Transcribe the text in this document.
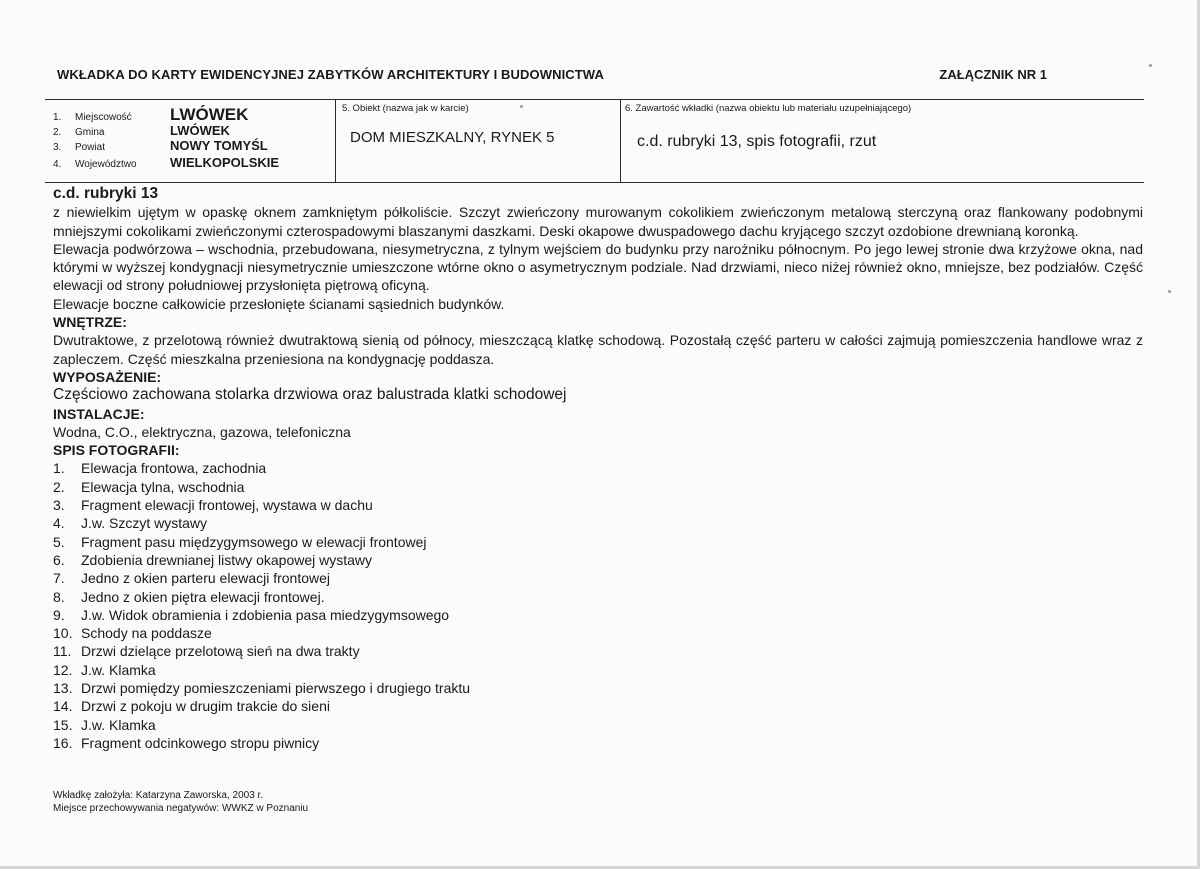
WKŁADKA DO KARTY EWIDENCYJNEJ ZABYTKÓW ARCHITEKTURY I BUDOWNICTWA	ZAŁĄCZNIK NR 1
1. Miejscowość LWÓWEK
2. Gmina	LWÓWEK
3. Powiat	NOWY TOMYŚL
4. Województwo	WIELKOPOLSKIE
5. Obiekt (nazwa jak w karcie)
DOM MIESZKALNY, RYNEK 5
6. Zawartość wkładki (nazwa obiektu lub materiału uzupełniającego)
c.d. rubryki 13, spis fotografii, rzut

c.d. rubryki 13

z niewielkim ujętym w opaskę oknem zamkniętym półkoliście. Szczyt zwieńczony murowanym cokolikiem zwieńczonym metalową sterczyną oraz flankowany podobnymi mniejszymi cokolikami zwieńczonymi czterospadowymi blaszanymi daszkami. Deski okapowe dwuspadowego dachu kryjącego szczyt ozdobione drewnianą koronką.

Elewacja podwórzowa – wschodnia, przebudowana, niesymetryczna, z tylnym wejściem do budynku przy narożniku północnym. Po jego lewej stronie dwa krzyżowe okna, nad którymi w wyższej kondygnacji niesymetrycznie umieszczone wtórne okno o asymetrycznym podziale. Nad drzwiami, nieco niżej również okno, mniejsze, bez podziałów. Część elewacji od strony południowej przysłonięta piętrową oficyną.

Elewacje boczne całkowicie przesłonięte ścianami sąsiednich budynków.

WNĘTRZE:

Dwutraktowe, z przelotową również dwutraktową sienią od północy, mieszczącą klatkę schodową. Pozostałą część parteru w całości zajmują pomieszczenia handlowe wraz z zapleczem. Część mieszkalna przeniesiona na kondygnację poddasza.

WYPOSAŻENIE:

Częściowo zachowana stolarka drzwiowa oraz balustrada klatki schodowej

INSTALACJE:

Wodna, C.O., elektryczna, gazowa, telefoniczna

SPIS FOTOGRAFII:

1. Elewacja frontowa, zachodnia
2. Elewacja tylna, wschodnia
3. Fragment elewacji frontowej, wystawa w dachu
4. J.w. Szczyt wystawy
5. Fragment pasu międzygymsowego w elewacji frontowej
6. Zdobienia drewnianej listwy okapowej wystawy
7. Jedno z okien parteru elewacji frontowej
8. Jedno z okien piętra elewacji frontowej.
9. J.w. Widok obramienia i zdobienia pasa miedzygymsowego
10. Schody na poddasze
11. Drzwi dzielące przelotową sień na dwa trakty
12. J.w. Klamka
13. Drzwi pomiędzy pomieszczeniami pierwszego i drugiego traktu
14. Drzwi z pokoju w drugim trakcie do sieni
15. J.w. Klamka
16. Fragment odcinkowego stropu piwnicy
Wkładkę założyła: Katarzyna Zaworska, 2003 r.
Miejsce przechowywania negatywów: WWKZ w Poznaniu
